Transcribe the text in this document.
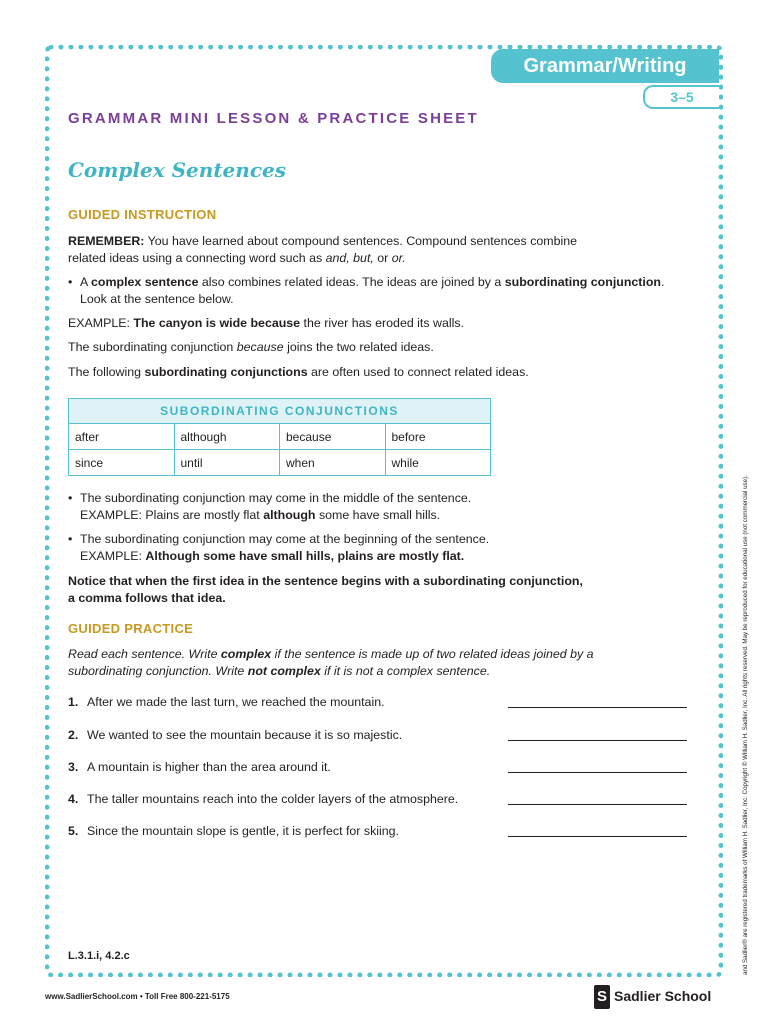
Grammar/Writing
3–5
GRAMMAR MINI LESSON & PRACTICE SHEET
Complex Sentences
GUIDED INSTRUCTION
REMEMBER: You have learned about compound sentences. Compound sentences combine related ideas using a connecting word such as and, but, or or.
• A complex sentence also combines related ideas. The ideas are joined by a subordinating conjunction. Look at the sentence below.
EXAMPLE: The canyon is wide because the river has eroded its walls.
The subordinating conjunction because joins the two related ideas.
The following subordinating conjunctions are often used to connect related ideas.
SUBORDINATING CONJUNCTIONS			
after	although	because	before
since	until	when	while
• The subordinating conjunction may come in the middle of the sentence.
EXAMPLE: Plains are mostly flat although some have small hills.
• The subordinating conjunction may come at the beginning of the sentence.
EXAMPLE: Although some have small hills, plains are mostly flat.
Notice that when the first idea in the sentence begins with a subordinating conjunction,
a comma follows that idea.
GUIDED PRACTICE
Read each sentence. Write complex if the sentence is made up of two related ideas joined by a subordinating conjunction. Write not complex if it is not a complex sentence.
1. After we made the last turn, we reached the mountain.
2. We wanted to see the mountain because it is so majestic.
3. A mountain is higher than the area around it.
4. The taller mountains reach into the colder layers of the atmosphere.
5. Since the mountain slope is gentle, it is perfect for skiing.
L.3.1.i, 4.2.c
www.SadlierSchool.com • Toll Free 800-221-5175	S Sadlier School
and Sadlier® are registered trademarks of William H. Sadlier, Inc. Copyright © William H. Sadlier, Inc. All rights reserved. May be reproduced for educational use (not commercial use).
